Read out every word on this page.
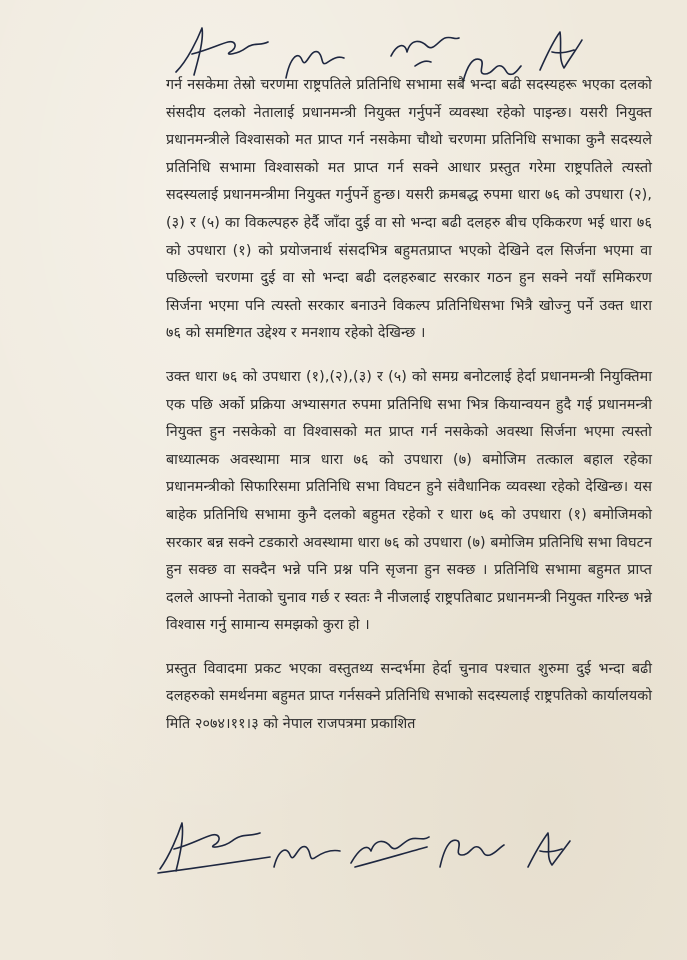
गर्न नसकेमा तेस्रो चरणमा राष्ट्रपतिले प्रतिनिधि सभामा सबै भन्दा बढी सदस्यहरू भएका दलको संसदीय दलको नेतालाई प्रधानमन्त्री नियुक्त गर्नुपर्ने व्यवस्था रहेको पाइन्छ। यसरी नियुक्त प्रधानमन्त्रीले विश्वासको मत प्राप्त गर्न नसकेमा चौथो चरणमा प्रतिनिधि सभाका कुनै सदस्यले प्रतिनिधि सभामा विश्वासको मत प्राप्त गर्न सक्ने आधार प्रस्तुत गरेमा राष्ट्रपतिले त्यस्तो सदस्यलाई प्रधानमन्त्रीमा नियुक्त गर्नुपर्ने हुन्छ। यसरी क्रमबद्ध रुपमा धारा ७६ को उपधारा (२),(३) र (५) का विकल्पहरु हेर्दै जाँदा दुई वा सो भन्दा बढी दलहरु बीच एकिकरण भई धारा ७६ को उपधारा (१) को प्रयोजनार्थ संसदभित्र बहुमतप्राप्त भएको देखिने दल सिर्जना भएमा वा पछिल्लो चरणमा दुई वा सो भन्दा बढी दलहरुबाट सरकार गठन हुन सक्ने नयाँ समिकरण सिर्जना भएमा पनि त्यस्तो सरकार बनाउने विकल्प प्रतिनिधिसभा भित्रै खोज्नु पर्ने उक्त धारा ७६ को समष्टिगत उद्देश्य र मनशाय रहेको देखिन्छ ।

उक्त धारा ७६ को उपधारा (१),(२),(३) र (५) को समग्र बनोटलाई हेर्दा प्रधानमन्त्री नियुक्तिमा एक पछि अर्को प्रक्रिया अभ्यासगत रुपमा प्रतिनिधि सभा भित्र कियान्वयन हुदै गई प्रधानमन्त्री नियुक्त हुन नसकेको वा विश्वासको मत प्राप्त गर्न नसकेको अवस्था सिर्जना भएमा त्यस्तो बाध्यात्मक अवस्थामा मात्र धारा ७६ को उपधारा (७) बमोजिम तत्काल बहाल रहेका प्रधानमन्त्रीको सिफारिसमा प्रतिनिधि सभा विघटन हुने संवैधानिक व्यवस्था रहेको देखिन्छ। यस बाहेक प्रतिनिधि सभामा कुनै दलको बहुमत रहेको र धारा ७६ को उपधारा (१) बमोजिमको सरकार बन्न सक्ने टडकारो अवस्थामा धारा ७६ को उपधारा (७) बमोजिम प्रतिनिधि सभा विघटन हुन सक्छ वा सक्दैन भन्ने पनि प्रश्न पनि सृजना हुन सक्छ । प्रतिनिधि सभामा बहुमत प्राप्त दलले आफ्नो नेताको चुनाव गर्छ र स्वतः नै नीजलाई राष्ट्रपतिबाट प्रधानमन्त्री नियुक्त गरिन्छ भन्ने विश्वास गर्नु सामान्य समझको कुरा हो ।

प्रस्तुत विवादमा प्रकट भएका वस्तुतथ्य सन्दर्भमा हेर्दा चुनाव पश्चात शुरुमा दुई भन्दा बढी दलहरुको समर्थनमा बहुमत प्राप्त गर्नसक्ने प्रतिनिधि सभाको सदस्यलाई राष्ट्रपतिको कार्यालयको मिति २०७४।११।३ को नेपाल राजपत्रमा प्रकाशित
